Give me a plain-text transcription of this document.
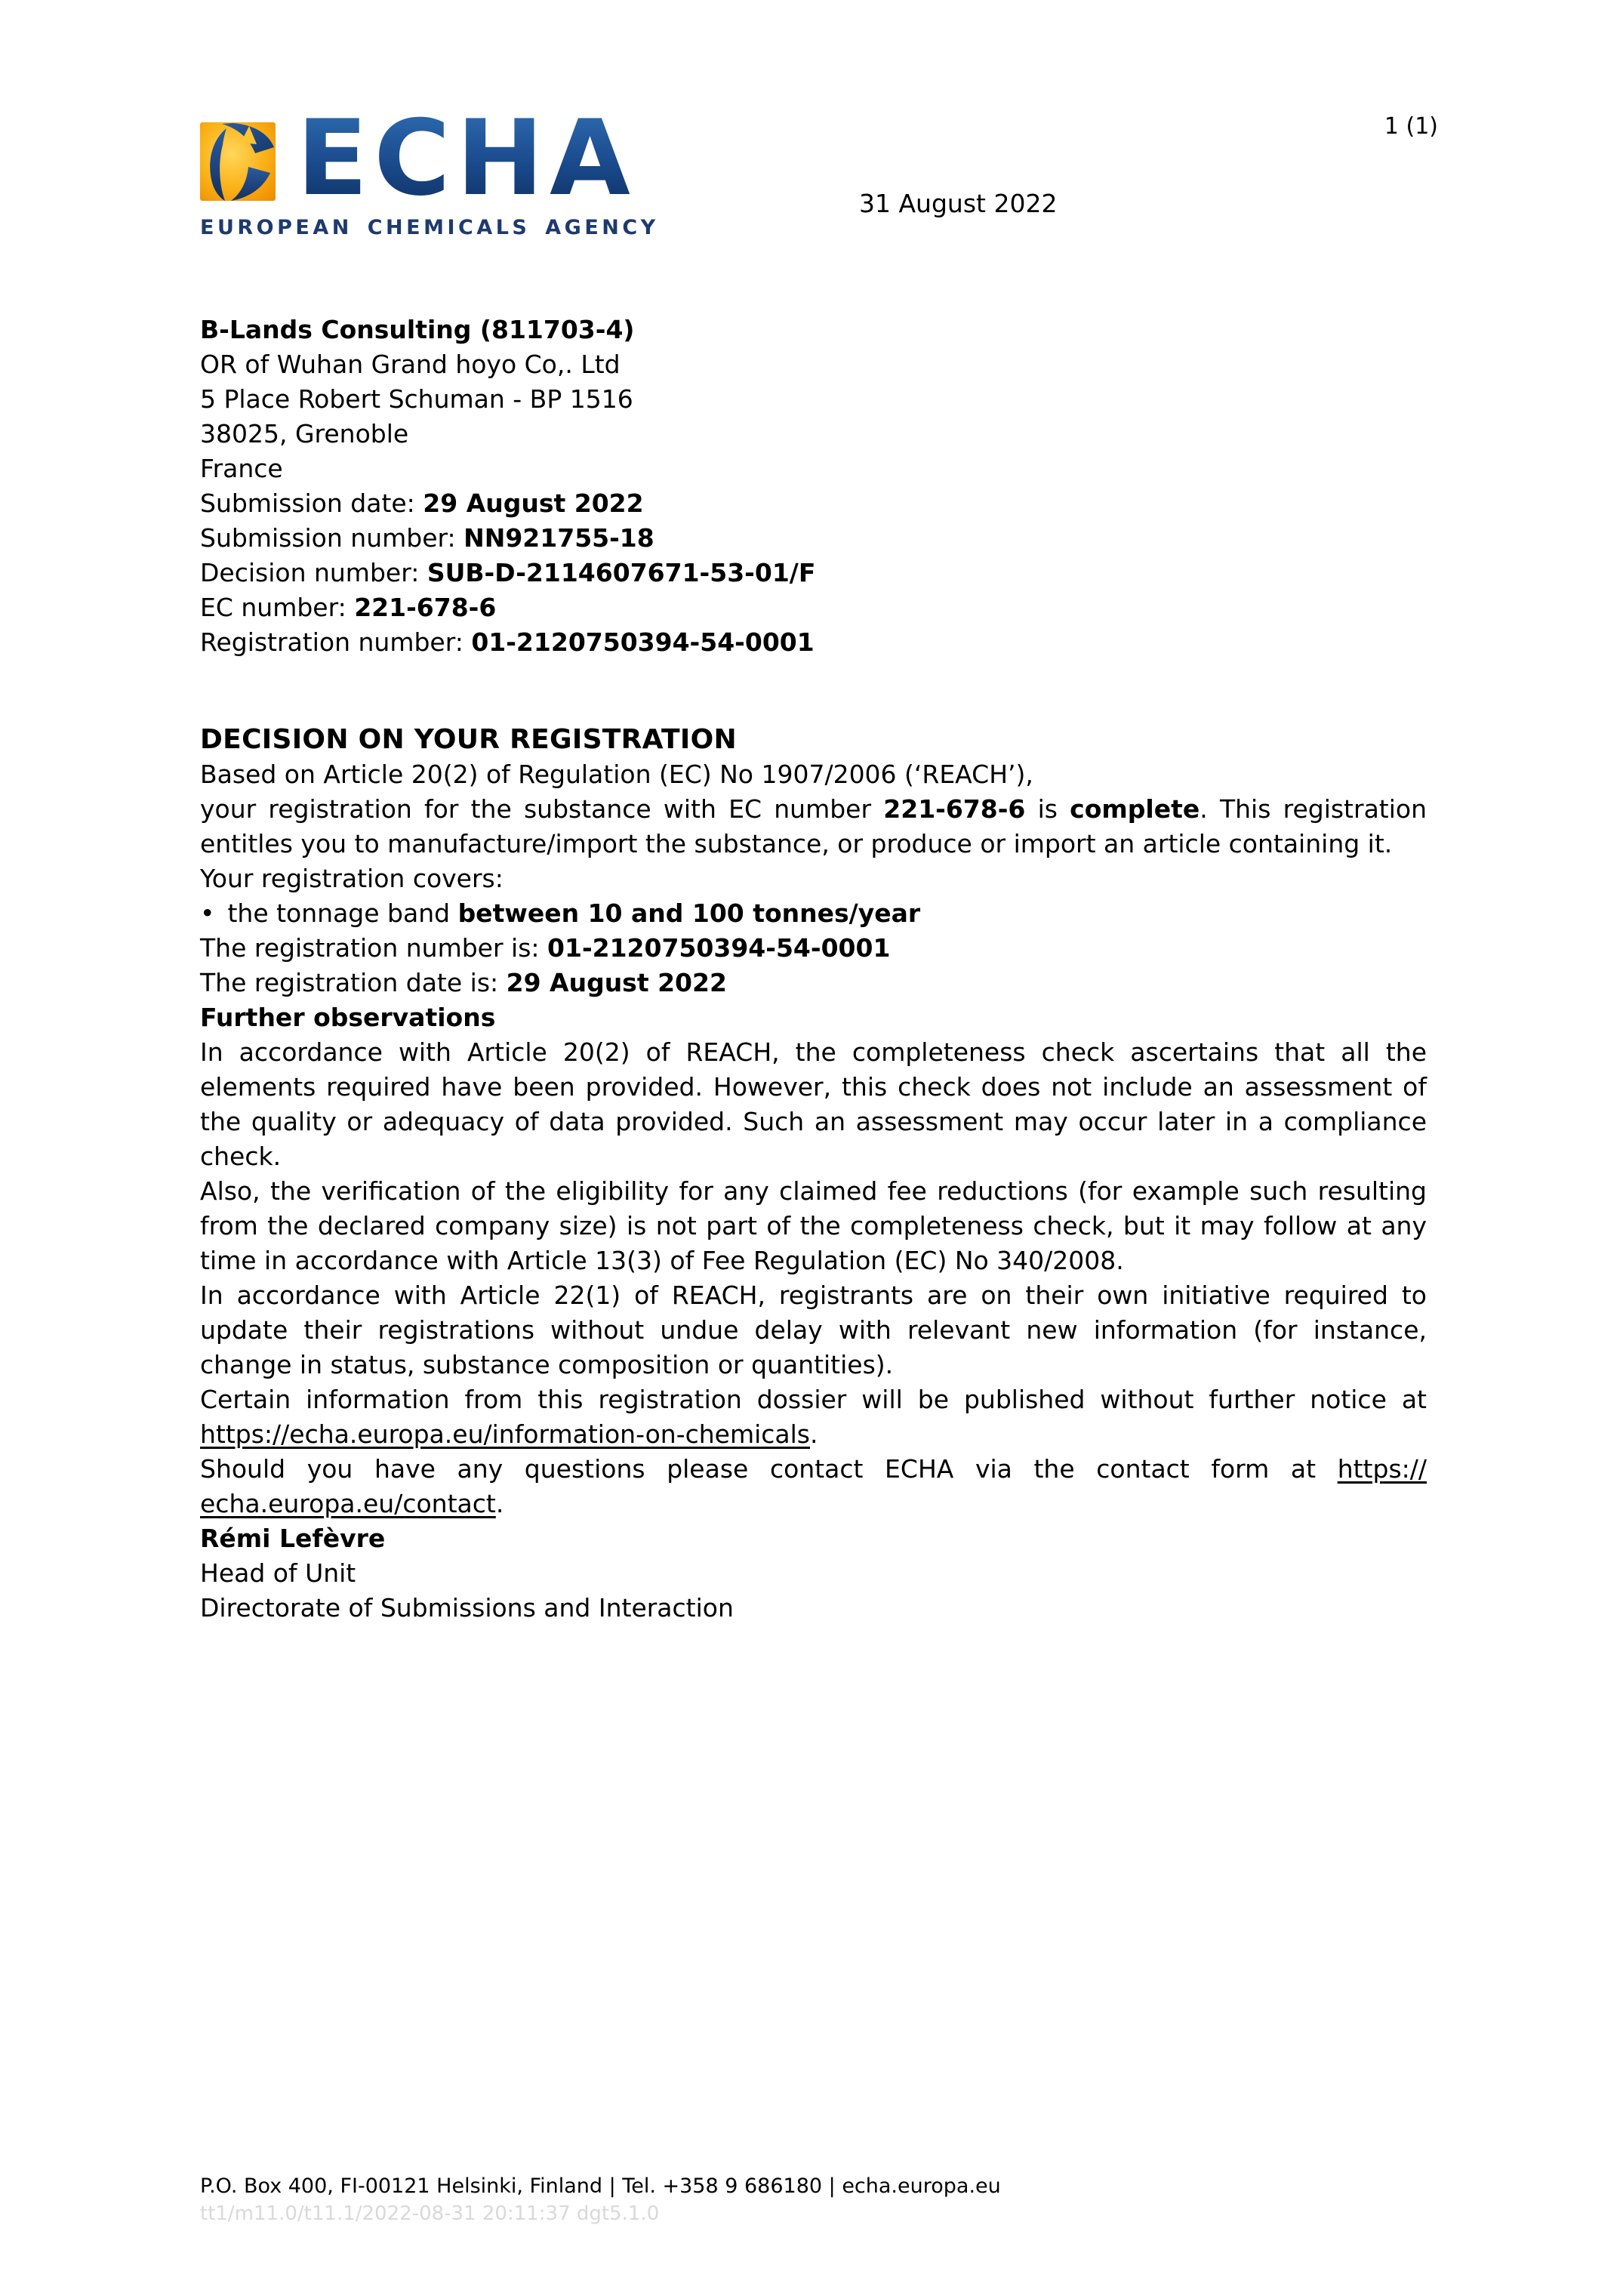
ECHA
EUROPEAN CHEMICALS AGENCY
1 (1)
31 August 2022
B-Lands Consulting (811703-4)
OR of Wuhan Grand hoyo Co,. Ltd
5 Place Robert Schuman - BP 1516
38025, Grenoble
France
Submission date: 29 August 2022
Submission number: NN921755-18
Decision number: SUB-D-2114607671-53-01/F
EC number: 221-678-6
Registration number: 01-2120750394-54-0001
DECISION ON YOUR REGISTRATION

Based on Article 20(2) of Regulation (EC) No 1907/2006 (‘REACH’),

your registration for the substance with EC number 221-678-6 is complete. This registration entitles you to manufacture/import the substance, or produce or import an article containing it.

Your registration covers:

• the tonnage band between 10 and 100 tonnes/year

The registration number is: 01-2120750394-54-0001

The registration date is: 29 August 2022

Further observations

In accordance with Article 20(2) of REACH, the completeness check ascertains that all the elements required have been provided. However, this check does not include an assessment of the quality or adequacy of data provided. Such an assessment may occur later in a compliance check.

Also, the verification of the eligibility for any claimed fee reductions (for example such resulting from the declared company size) is not part of the completeness check, but it may follow at any time in accordance with Article 13(3) of Fee Regulation (EC) No 340/2008.

In accordance with Article 22(1) of REACH, registrants are on their own initiative required to update their registrations without undue delay with relevant new information (for instance, change in status, substance composition or quantities).

Certain information from this registration dossier will be published without further notice at https://echa.europa.eu/information-on-chemicals.

Should you have any questions please contact ECHA via the contact form at https://echa.europa.eu/contact.

Rémi Lefèvre
Head of Unit
Directorate of Submissions and Interaction
P.O. Box 400, FI-00121 Helsinki, Finland | Tel. +358 9 686180 | echa.europa.eu
tt1/m11.0/t11.1/2022-08-31 20:11:37 dgt5.1.0
